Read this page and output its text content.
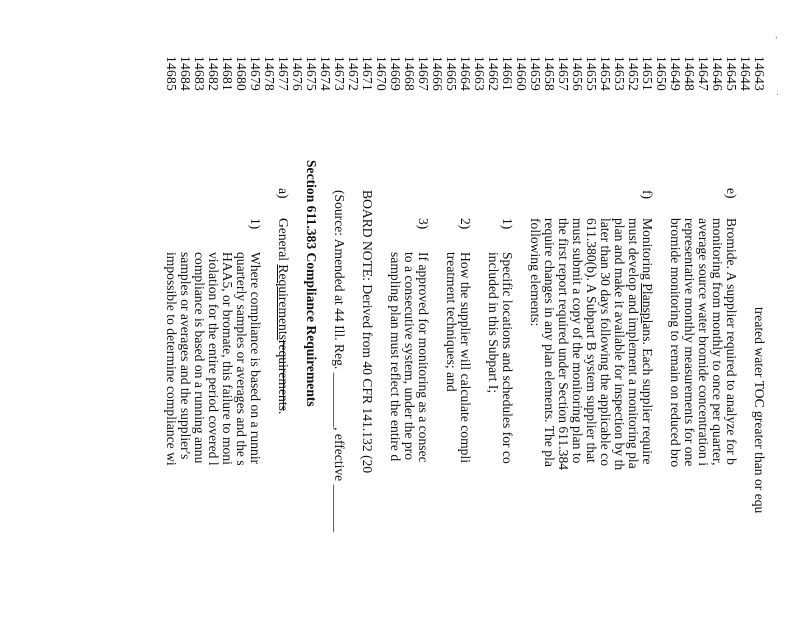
'
.
14643
14644
14645
14646
14647
14648
14649
14650
14651
14652
14653
14654
14655
14656
14657
14658
14659
14660
14661
14662
14663
14664
14665
14666
14667
14668
14669
14670
14671
14672
14673
14674
14675
14676
14677
14678
14679
14680
14681
14682
14683
14684
14685
treated water TOC greater than or equ
e)
Bromide. A supplier required to analyze for b
monitoring from monthly to once per quarter,
average source water bromide concentration i
representative monthly measurements for one
bromide monitoring to remain on reduced bro
f)
Monitoring Plansplans. Each supplier require
must develop and implement a monitoring pla
plan and make it available for inspection by th
later than 30 days following the applicable co
611.380(b). A Subpart B system supplier that
must submit a copy of the monitoring plan to
the first report required under Section 611.384
require changes in any plan elements. The pla
following elements:
1)
Specific locations and schedules for co
included in this Subpart I;
2)
How the supplier will calculate compli
treatment techniques; and
3)
If approved for monitoring as a consec
to a consecutive system, under the pro
sampling plan must reflect the entire d
BOARD NOTE: Derived from 40 CFR 141.132 (20
(Source: Amended at 44 Ill. Reg. ________, effective _______
Section 611.383 Compliance Requirements
a)
General Requirementsrequirements.
1)
Where compliance is based on a runnir
quarterly samples or averages and the s
HAA5, or bromate, this failure to moni
violation for the entire period covered l
compliance is based on a running annu
samples or averages and the supplier's
impossible to determine compliance wi
